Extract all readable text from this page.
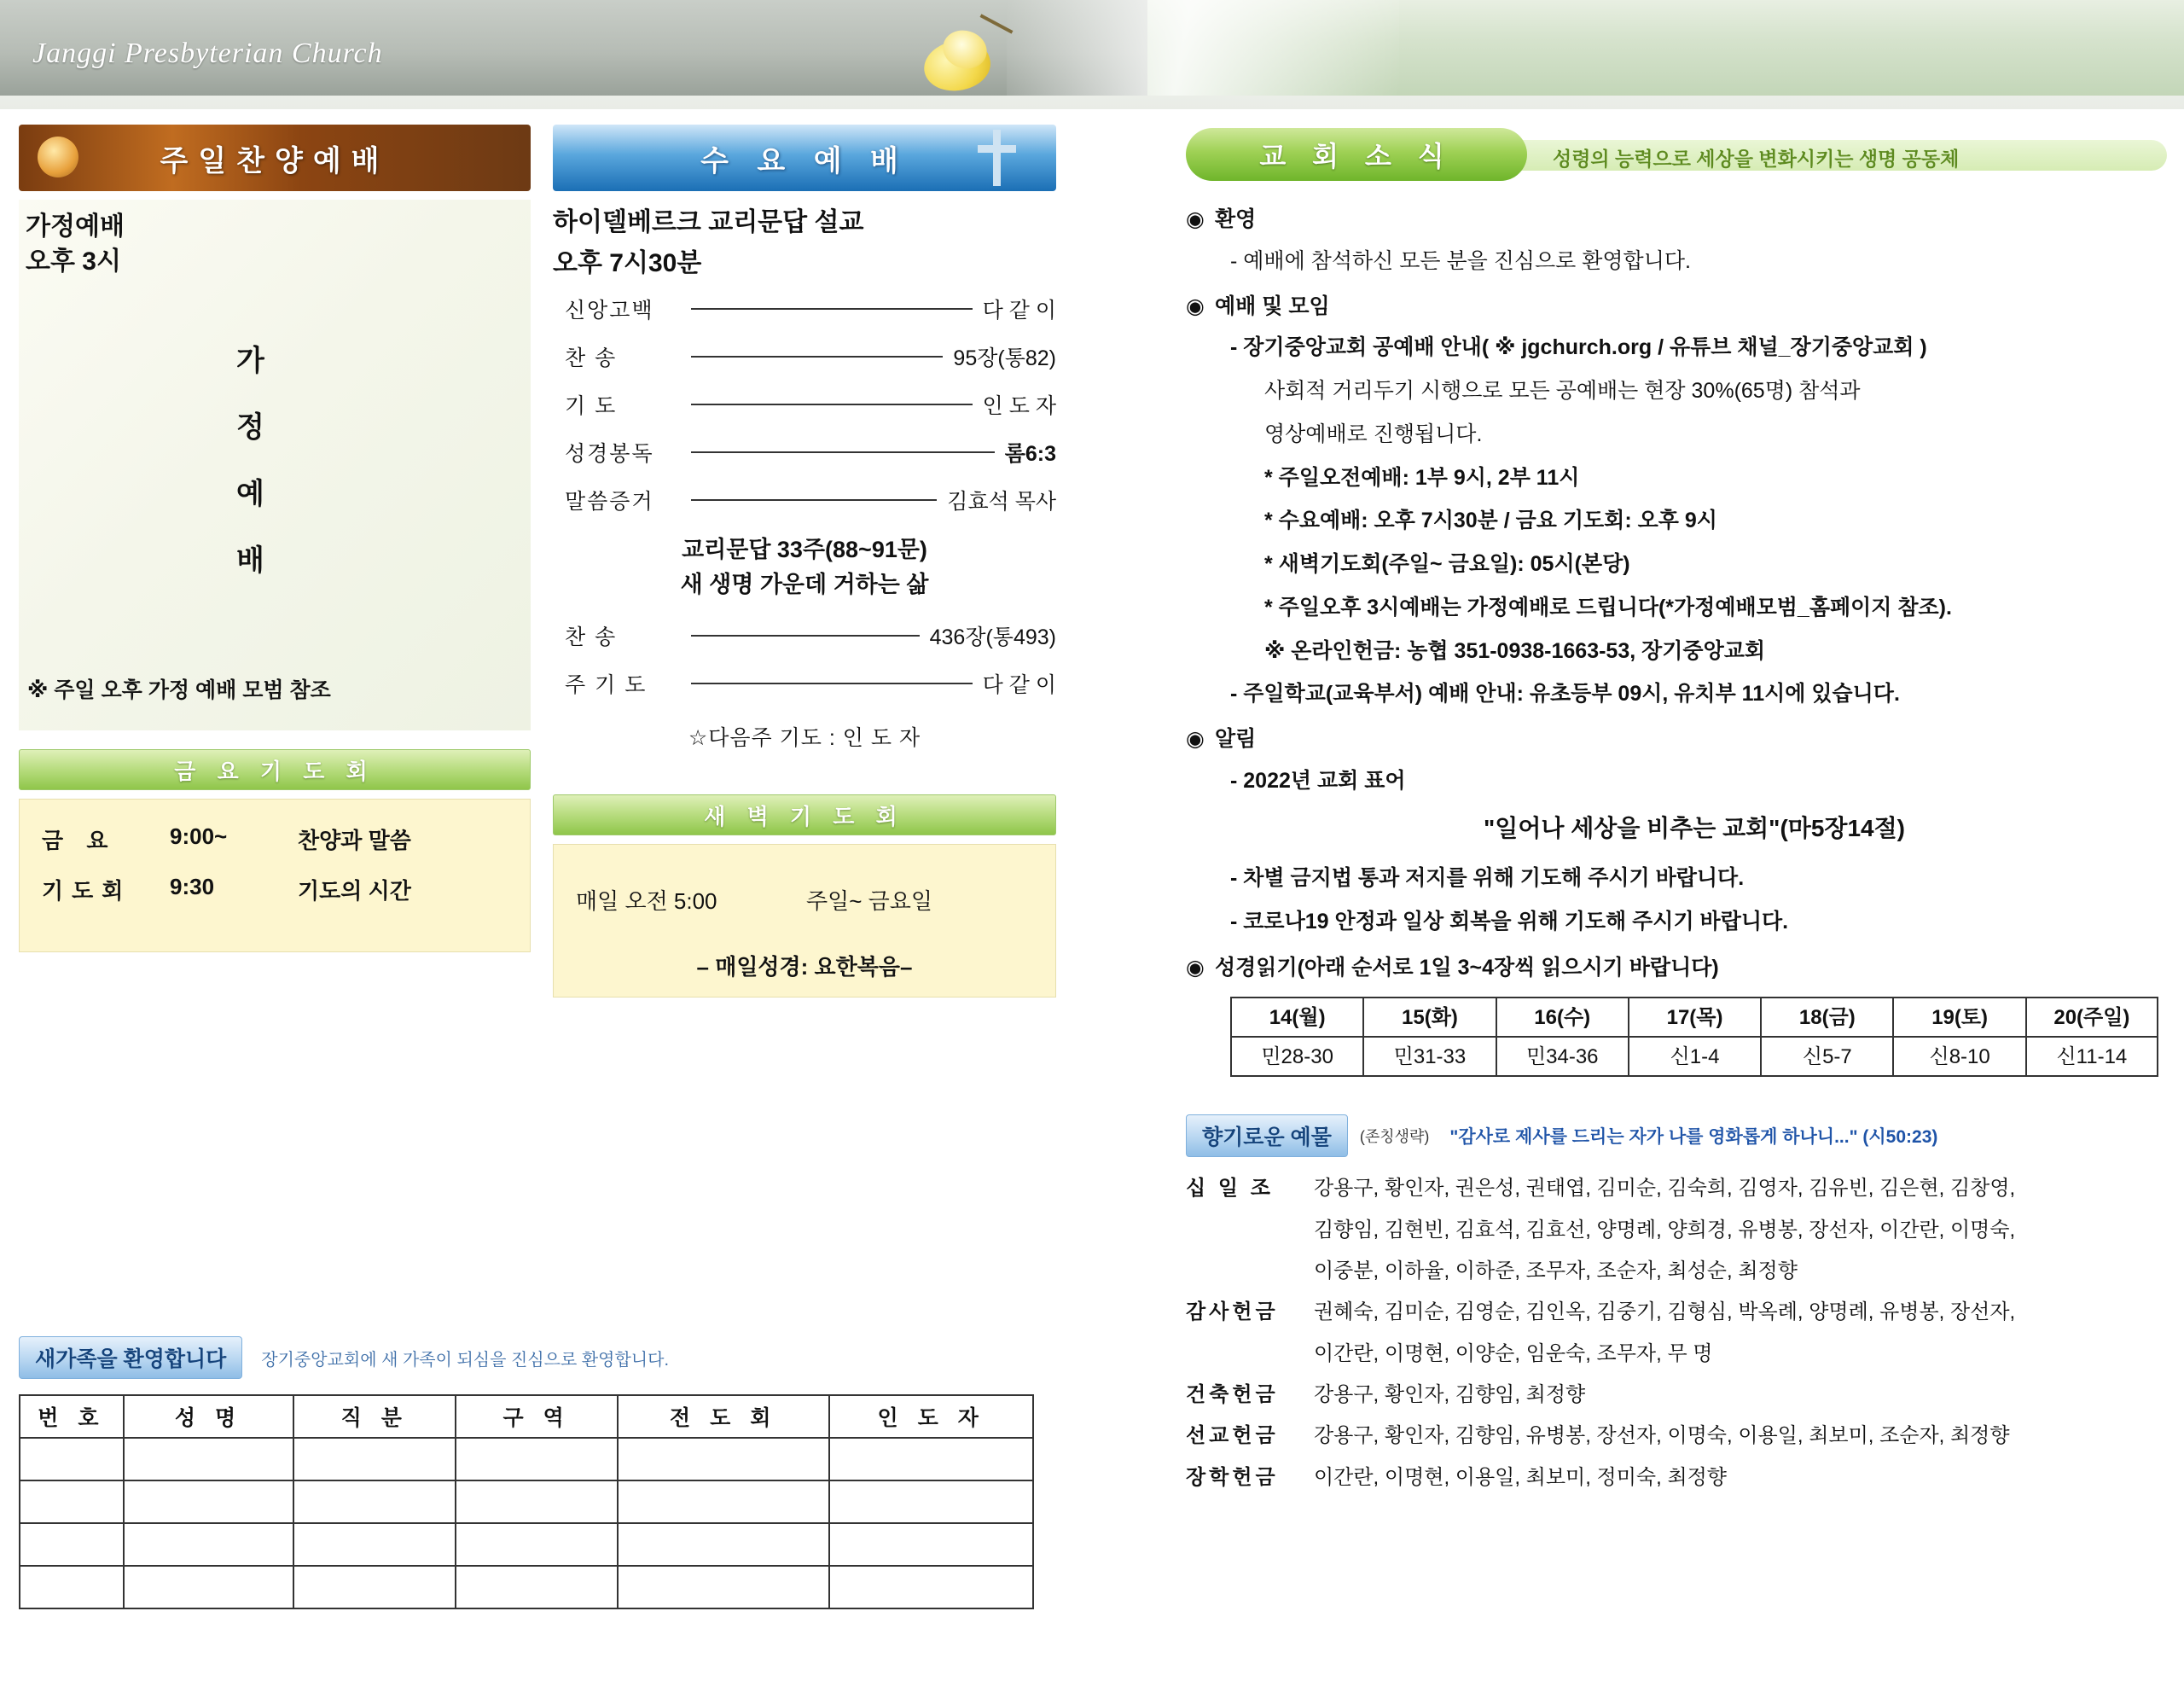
Janggi Presbyterian Church
주일찬양예배
가정예배
오후 3시
가
정
예
배
※ 주일 오후 가정 예배 모범 참조
금 요 기 도 회
금 요	9:00~	찬양과 말씀
기도회	9:30	기도의 시간
수 요 예 배
하이델베르크 교리문답 설교
오후 7시30분
신앙고백	다 같 이
찬 송	95장(통82)
기 도	인 도 자
성경봉독	롬6:3
말씀증거	김효석 목사
교리문답 33주(88~91문)
새 생명 가운데 거하는 삶
찬 송	436장(통493)
주 기 도	다 같 이
☆다음주 기도 : 인 도 자
새 벽 기 도 회
매일 오전 5:00	주일~ 금요일
– 매일성경: 요한복음–
새가족을 환영합니다	장기중앙교회에 새 가족이 되심을 진심으로 환영합니다.
번 호	성 명	직 분	구 역	전 도 회	인 도 자

교 회 소 식	성령의 능력으로 세상을 변화시키는 생명 공동체
◉ 환영
- 예배에 참석하신 모든 분을 진심으로 환영합니다.
◉ 예배 및 모임
- 장기중앙교회 공예배 안내( ※ jgchurch.org / 유튜브 채널_장기중앙교회 )
사회적 거리두기 시행으로 모든 공예배는 현장 30%(65명) 참석과
영상예배로 진행됩니다.
* 주일오전예배: 1부 9시, 2부 11시
* 수요예배: 오후 7시30분 / 금요 기도회: 오후 9시
* 새벽기도회(주일~ 금요일): 05시(본당)
* 주일오후 3시예배는 가정예배로 드립니다(*가정예배모범_홈페이지 참조).
※ 온라인헌금: 농협 351-0938-1663-53, 장기중앙교회
- 주일학교(교육부서) 예배 안내: 유초등부 09시, 유치부 11시에 있습니다.
◉ 알림
- 2022년 교회 표어
"일어나 세상을 비추는 교회"(마5장14절)
- 차별 금지법 통과 저지를 위해 기도해 주시기 바랍니다.
- 코로나19 안정과 일상 회복을 위해 기도해 주시기 바랍니다.
◉ 성경읽기(아래 순서로 1일 3~4장씩 읽으시기 바랍니다)
14(월)	15(화)	16(수)	17(목)	18(금)	19(토)	20(주일)
민28-30	민31-33	민34-36	신1-4	신5-7	신8-10	신11-14
향기로운 예물	(존칭생략) "감사로 제사를 드리는 자가 나를 영화롭게 하나니..." (시50:23)
십 일 조	강용구, 황인자, 권은성, 권태엽, 김미순, 김숙희, 김영자, 김유빈, 김은현, 김창영,
김향임, 김현빈, 김효석, 김효선, 양명례, 양희경, 유병봉, 장선자, 이간란, 이명숙,
이중분, 이하율, 이하준, 조무자, 조순자, 최성순, 최정향
감사헌금	권혜숙, 김미순, 김영순, 김인옥, 김중기, 김형심, 박옥례, 양명례, 유병봉, 장선자,
이간란, 이명현, 이양순, 임운숙, 조무자, 무 명
건축헌금	강용구, 황인자, 김향임, 최정향
선교헌금	강용구, 황인자, 김향임, 유병봉, 장선자, 이명숙, 이용일, 최보미, 조순자, 최정향
장학헌금	이간란, 이명현, 이용일, 최보미, 정미숙, 최정향
